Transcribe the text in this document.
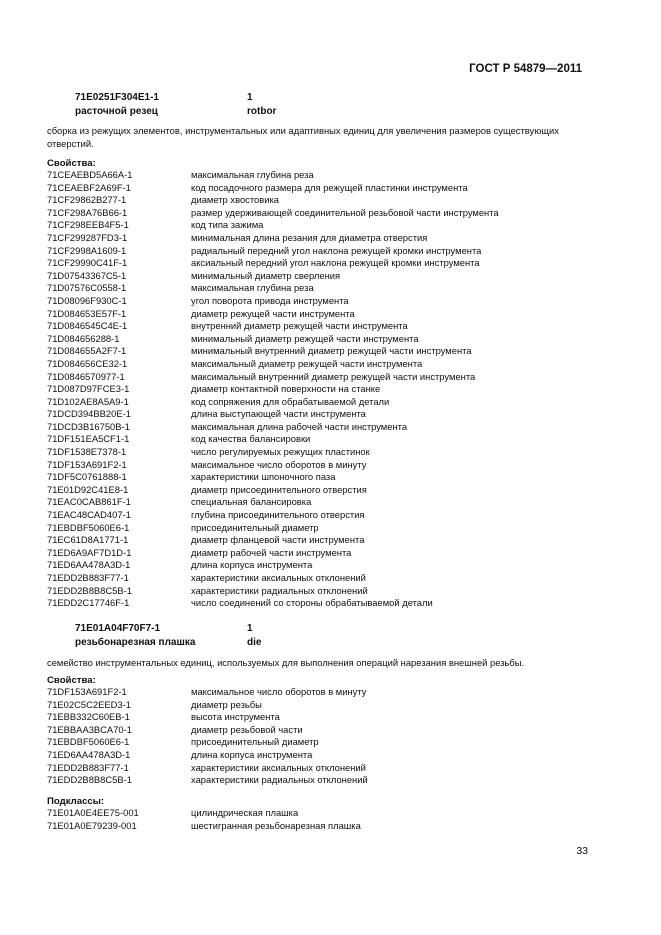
ГОСТ Р 54879—2011
71E0251F304E1-1	1
расточной резец	rotbor
сборка из режущих элементов, инструментальных или адаптивных единиц для увеличения размеров существующих отверстий.
Свойства:
71CEAEBD5A66A-1	максимальная глубина реза
71CEAEBF2A69F-1	код посадочного размера для режущей пластинки инструмента
71CF29862B277-1	диаметр хвостовика
71CF298A76B66-1	размер удерживающей соединительной резьбовой части инструмента
71CF298EEB4F5-1	код типа зажима
71CF299287FD3-1	минимальная длина резания для диаметра отверстия
71CF2998A1609-1	радиальный передний угол наклона режущей кромки инструмента
71CF29990C41F-1	аксиальный передний угол наклона режущей кромки инструмента
71D07543367C5-1	минимальный диаметр сверления
71D07576C0558-1	максимальная глубина реза
71D08096F930C-1	угол поворота привода инструмента
71D084653E57F-1	диаметр режущей части инструмента
71D0846545C4E-1	внутренний диаметр режущей части инструмента
71D084656288-1	минимальный диаметр режущей части инструмента
71D084655A2F7-1	минимальный внутренний диаметр режущей части инструмента
71D084656CE32-1	максимальный диаметр режущей части инструмента
71D0846570977-1	максимальный внутренний диаметр режущей части инструмента
71D087D97FCE3-1	диаметр контактной поверхности на станке
71D102AE8A5A9-1	код сопряжения для обрабатываемой детали
71DCD394BB20E-1	длина выступающей части инструмента
71DCD3B16750B-1	максимальная длина рабочей части инструмента
71DF151EA5CF1-1	код качества балансировки
71DF1538E7378-1	число регулируемых режущих пластинок
71DF153A691F2-1	максимальное число оборотов в минуту
71DF5C0761888-1	характеристики шпоночного паза
71E01D92C41E8-1	диаметр присоединительного отверстия
71EAC0CAB861F-1	специальная балансировка
71EAC48CAD407-1	глубина присоединительного отверстия
71EBDBF5060E6-1	присоединительный диаметр
71EC61D8A1771-1	диаметр фланцевой части инструмента
71ED6A9AF7D1D-1	диаметр рабочей части инструмента
71ED6AA478A3D-1	длина корпуса инструмента
71EDD2B883F77-1	характеристики аксиальных отклонений
71EDD2B8B8C5B-1	характеристики радиальных отклонений
71EDD2C17746F-1	число соединений со стороны обрабатываемой детали
71E01A04F70F7-1	1
резьбонарезная плашка	die
семейство инструментальных единиц, используемых для выполнения операций нарезания внешней резьбы.
Свойства:
71DF153A691F2-1	максимальное число оборотов в минуту
71E02C5C2EED3-1	диаметр резьбы
71EBB332C60EB-1	высота инструмента
71EBBAA3BCA70-1	диаметр резьбовой части
71EBDBF5060E6-1	присоединительный диаметр
71ED6AA478A3D-1	длина корпуса инструмента
71EDD2B883F77-1	характеристики аксиальных отклонений
71EDD2B8B8C5B-1	характеристики радиальных отклонений
Подклассы:
71E01A0E4EE75-001	цилиндрическая плашка
71E01A0E79239-001	шестигранная резьбонарезная плашка
33
